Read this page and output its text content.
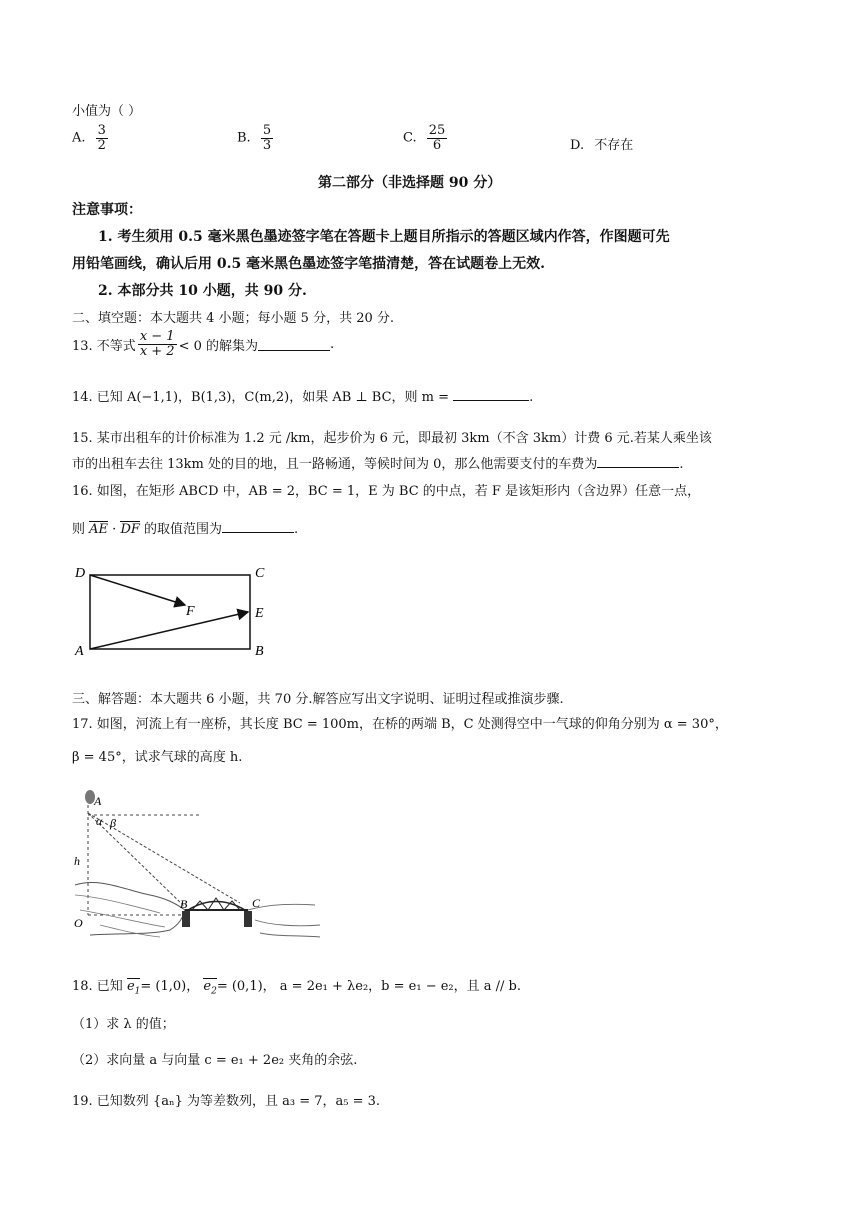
小值为（ ）
A. $\frac{3}{2}$	B. $\frac{5}{3}$	C. $\frac{25}{6}$	D. 不存在
第二部分（非选择题 90 分）
注意事项：
1. 考生须用 0.5 毫米黑色墨迹签字笔在答题卡上题目所指示的答题区域内作答，作图题可先
用铅笔画线，确认后用 0.5 毫米黑色墨迹签字笔描清楚，答在试题卷上无效.
2. 本部分共 10 小题，共 90 分.
二、填空题：本大题共 4 小题；每小题 5 分，共 20 分.
13. 不等式 $\frac{x - 1}{x + 2} < 0$ 的解集为	.
14. 已知 A(−1,1)，B(1,3)，C(m,2)，如果 AB ⊥ BC，则 m =	.
15. 某市出租车的计价标准为 1.2 元 /km，起步价为 6 元，即最初 3km（不含 3km）计费 6 元.若某人乘坐该
市的出租车去往 13km 处的目的地，且一路畅通，等候时间为 0，那么他需要支付的车费为	.
16. 如图，在矩形 ABCD 中，AB = 2，BC = 1，E 为 BC 的中点，若 F 是该矩形内（含边界）任意一点，
则 AE · DF 的取值范围为	.
D	C
A	B
E
F
三、解答题：本大题共 6 小题，共 70 分.解答应写出文字说明、证明过程或推演步骤.
17. 如图，河流上有一座桥，其长度 BC = 100m，在桥的两端 B，C 处测得空中一气球的仰角分别为 α = 30°，
β = 45°，试求气球的高度 h.
A
α β
h
O
B	C
18. 已知 $e_1= (1,0)$， $e_2= (0,1)$， a = 2e₁ + λe₂，b = e₁ − e₂，且 a // b.
（1）求 λ 的值；
（2）求向量 a 与向量 c = e₁ + 2e₂ 夹角的余弦.
19. 已知数列 {aₙ} 为等差数列，且 a₃ = 7，a₅ = 3.
